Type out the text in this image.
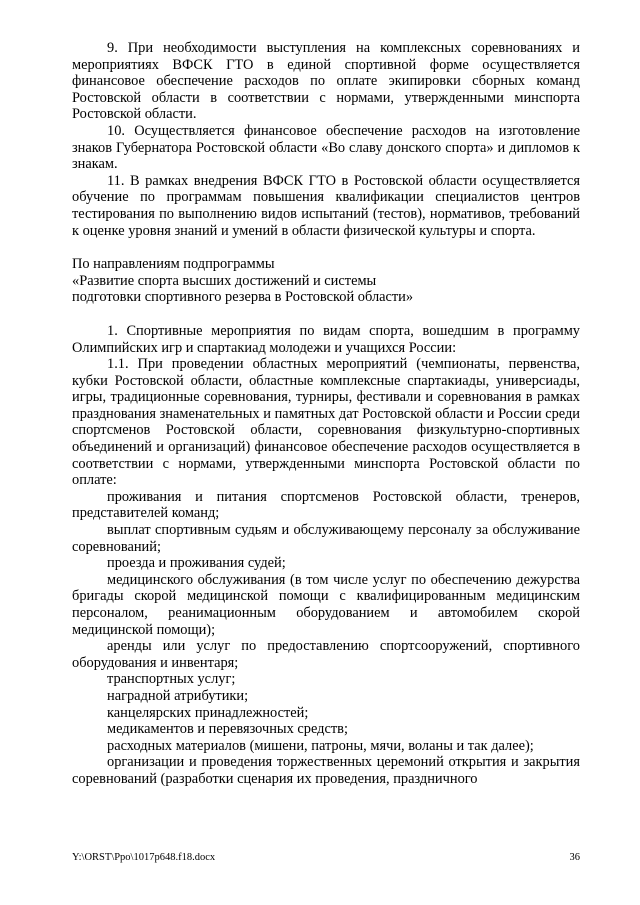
9. При необходимости выступления на комплексных соревнованиях и мероприятиях ВФСК ГТО в единой спортивной форме осуществляется финансовое обеспечение расходов по оплате экипировки сборных команд Ростовской области в соответствии с нормами, утвержденными минспорта Ростовской области.

10. Осуществляется финансовое обеспечение расходов на изготовление знаков Губернатора Ростовской области «Во славу донского спорта» и дипломов к знакам.

11. В рамках внедрения ВФСК ГТО в Ростовской области осуществляется обучение по программам повышения квалификации специалистов центров тестирования по выполнению видов испытаний (тестов), нормативов, требований к оценке уровня знаний и умений в области физической культуры и спорта.

По направлениям подпрограммы

«Развитие спорта высших достижений и системы

подготовки спортивного резерва в Ростовской области»

1. Спортивные мероприятия по видам спорта, вошедшим в программу Олимпийских игр и спартакиад молодежи и учащихся России:

1.1. При проведении областных мероприятий (чемпионаты, первенства, кубки Ростовской области, областные комплексные спартакиады, универсиады, игры, традиционные соревнования, турниры, фестивали и соревнования в рамках празднования знаменательных и памятных дат Ростовской области и России среди спортсменов Ростовской области, соревнования физкультурно-спортивных объединений и организаций) финансовое обеспечение расходов осуществляется в соответствии с нормами, утвержденными минспорта Ростовской области по оплате:

проживания и питания спортсменов Ростовской области, тренеров, представителей команд;

выплат спортивным судьям и обслуживающему персоналу за обслуживание соревнований;

проезда и проживания судей;

медицинского обслуживания (в том числе услуг по обеспечению дежурства бригады скорой медицинской помощи с квалифицированным медицинским персоналом, реанимационным оборудованием и автомобилем скорой медицинской помощи);

аренды или услуг по предоставлению спортсооружений, спортивного оборудования и инвентаря;

транспортных услуг;

наградной атрибутики;

канцелярских принадлежностей;

медикаментов и перевязочных средств;

расходных материалов (мишени, патроны, мячи, воланы и так далее);

организации и проведения торжественных церемоний открытия и закрытия соревнований (разработки сценария их проведения, праздничного

Y:\ORST\Ppo\1017p648.f18.docx	36
